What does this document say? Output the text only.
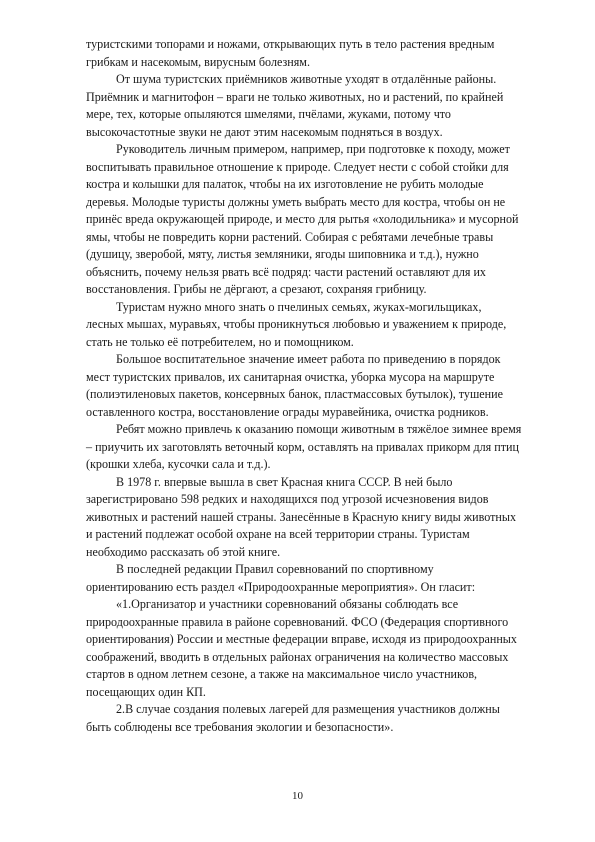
туристскими топорами и ножами, открывающих путь в тело растения вредным грибкам и насекомым, вирусным болезням.

От шума туристских приёмников животные уходят в отдалённые районы. Приёмник и магнитофон – враги не только животных, но и растений, по крайней мере, тех, которые опыляются шмелями, пчёлами, жуками, потому что высокочастотные звуки не дают этим насекомым подняться в воздух.

Руководитель личным примером, например, при подготовке к походу, может воспитывать правильное отношение к природе. Следует нести с собой стойки для костра и колышки для палаток, чтобы на их изготовление не рубить молодые деревья. Молодые туристы должны уметь выбрать место для костра, чтобы он не принёс вреда окружающей природе, и место для рытья «холодильника» и мусорной ямы, чтобы не повредить корни растений. Собирая с ребятами лечебные травы (душицу, зверобой, мяту, листья земляники, ягоды шиповника и т.д.), нужно объяснить, почему нельзя рвать всё подряд: части растений оставляют для их восстановления. Грибы не дёргают, а срезают, сохраняя грибницу.

Туристам нужно много знать о пчелиных семьях, жуках-могильщиках, лесных мышах, муравьях, чтобы проникнуться любовью и уважением к природе, стать не только её потребителем, но и помощником.

Большое воспитательное значение имеет работа по приведению в порядок мест туристских привалов, их санитарная очистка, уборка мусора на маршруте (полиэтиленовых пакетов, консервных банок, пластмассовых бутылок), тушение оставленного костра, восстановление ограды муравейника, очистка родников.

Ребят можно привлечь к оказанию помощи животным в тяжёлое зимнее время – приучить их заготовлять веточный корм, оставлять на привалах прикорм для птиц (крошки хлеба, кусочки сала и т.д.).

В 1978 г. впервые вышла в свет Красная книга СССР. В ней было зарегистрировано 598 редких и находящихся под угрозой исчезновения видов животных и растений нашей страны. Занесённые в Красную книгу виды животных и растений подлежат особой охране на всей территории страны. Туристам необходимо рассказать об этой книге.

В последней редакции Правил соревнований по спортивному ориентированию есть раздел «Природоохранные мероприятия». Он гласит:

«1.Организатор и участники соревнований обязаны соблюдать все природоохранные правила в районе соревнований. ФСО (Федерация спортивного ориентирования) России и местные федерации вправе, исходя из природоохранных соображений, вводить в отдельных районах ограничения на количество массовых стартов в одном летнем сезоне, а также на максимальное число участников, посещающих один КП.

2.В случае создания полевых лагерей для размещения участников должны быть соблюдены все требования экологии и безопасности».

10
